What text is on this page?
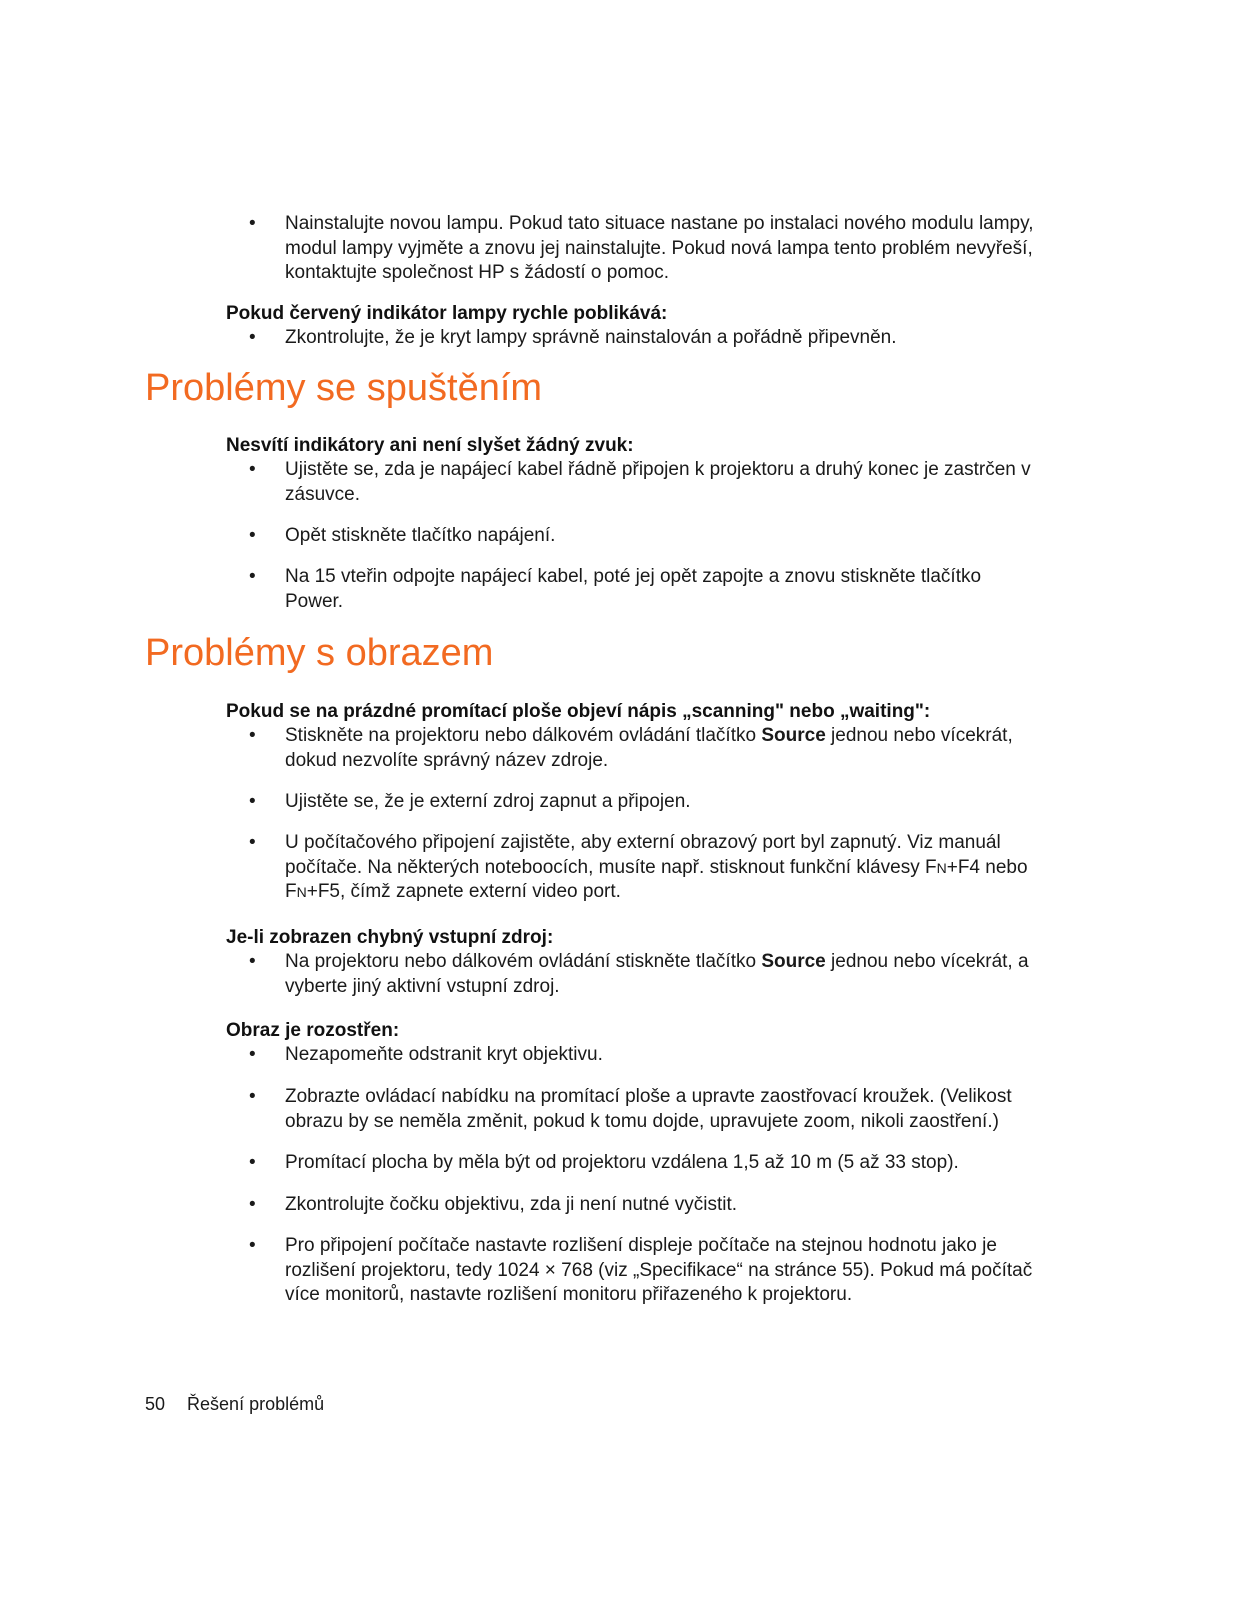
•	Nainstalujte novou lampu. Pokud tato situace nastane po instalaci nového modulu lampy, modul lampy vyjměte a znovu jej nainstalujte. Pokud nová lampa tento problém nevyřeší, kontaktujte společnost HP s žádostí o pomoc.
Pokud červený indikátor lampy rychle poblikává:
•	Zkontrolujte, že je kryt lampy správně nainstalován a pořádně připevněn.
Problémy se spuštěním
Nesvítí indikátory ani není slyšet žádný zvuk:
•	Ujistěte se, zda je napájecí kabel řádně připojen k projektoru a druhý konec je zastrčen v zásuvce.
•	Opět stiskněte tlačítko napájení.
•	Na 15 vteřin odpojte napájecí kabel, poté jej opět zapojte a znovu stiskněte tlačítko Power.
Problémy s obrazem
Pokud se na prázdné promítací ploše objeví nápis „scanning" nebo „waiting":
•	Stiskněte na projektoru nebo dálkovém ovládání tlačítko Source jednou nebo vícekrát, dokud nezvolíte správný název zdroje.
•	Ujistěte se, že je externí zdroj zapnut a připojen.
•	U počítačového připojení zajistěte, aby externí obrazový port byl zapnutý. Viz manuál počítače. Na některých noteboocích, musíte např. stisknout funkční klávesy FN+F4 nebo FN+F5, čímž zapnete externí video port.
Je-li zobrazen chybný vstupní zdroj:
•	Na projektoru nebo dálkovém ovládání stiskněte tlačítko Source jednou nebo vícekrát, a vyberte jiný aktivní vstupní zdroj.
Obraz je rozostřen:
•	Nezapomeňte odstranit kryt objektivu.
•	Zobrazte ovládací nabídku na promítací ploše a upravte zaostřovací kroužek. (Velikost obrazu by se neměla změnit, pokud k tomu dojde, upravujete zoom, nikoli zaostření.)
•	Promítací plocha by měla být od projektoru vzdálena 1,5 až 10 m (5 až 33 stop).
•	Zkontrolujte čočku objektivu, zda ji není nutné vyčistit.
•	Pro připojení počítače nastavte rozlišení displeje počítače na stejnou hodnotu jako je rozlišení projektoru, tedy 1024 × 768 (viz „Specifikace“ na stránce 55). Pokud má počítač více monitorů, nastavte rozlišení monitoru přiřazeného k projektoru.
50 Řešení problémů
